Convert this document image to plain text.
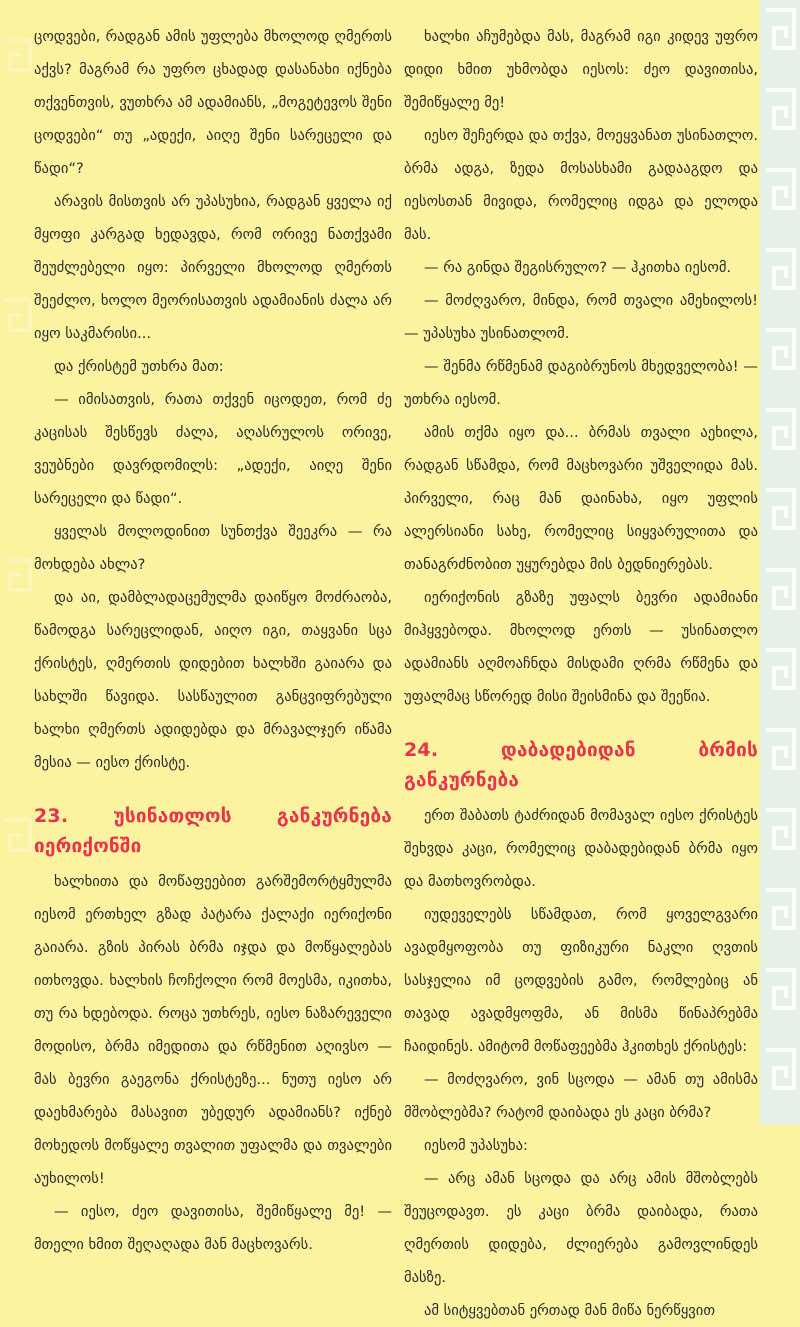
ცოდვები, რადგან ამის უფლება მხოლოდ ღმერთს აქვს? მაგრამ რა უფრო ცხადად დასანახი იქნება თქვენთვის, ვუთხრა ამ ადამიანს, „მოგეტევოს შენი ცოდვები“ თუ „ადექი, აიღე შენი სარეცელი და წადი“?

არავის მისთვის არ უპასუხია, რადგან ყველა იქ მყოფი კარგად ხედავდა, რომ ორივე ნათქვამი შეუძლებელი იყო: პირველი მხოლოდ ღმერთს შეეძლო, ხოლო მეორისათვის ადამიანის ძალა არ იყო საკმარისი...

და ქრისტემ უთხრა მათ:

— იმისათვის, რათა თქვენ იცოდეთ, რომ ძე კაცისას შესწევს ძალა, აღასრულოს ორივე, ვეუბნები დავრდომილს: „ადექი, აიღე შენი სარეცელი და წადი“.

ყველას მოლოდინით სუნთქვა შეეკრა — რა მოხდება ახლა?

და აი, დამბლადაცემულმა დაიწყო მოძრაობა, წამოდგა სარეცლიდან, აიღო იგი, თაყვანი სცა ქრისტეს, ღმერთის დიდებით ხალხში გაიარა და სახლში წავიდა. სასწაულით განცვიფრებული ხალხი ღმერთს ადიდებდა და მრავალჯერ იწამა მესია — იესო ქრისტე.

23. უსინათლოს განკურნება იერიქონში

ხალხითა და მოწაფეებით გარშემორტყმულმა იესომ ერთხელ გზად პატარა ქალაქი იერიქონი გაიარა. გზის პირას ბრმა იჯდა და მოწყალებას ითხოვდა. ხალხის ჩოჩქოლი რომ მოესმა, იკითხა, თუ რა ხდებოდა. როცა უთხრეს, იესო ნაზარეველი მოდისო, ბრმა იმედითა და რწმენით აღივსო — მას ბევრი გაეგონა ქრისტეზე... ნუთუ იესო არ დაეხმარება მასავით უბედურ ადამიანს? იქნებ მოხედოს მოწყალე თვალით უფალმა და თვალები აუხილოს!

— იესო, ძეო დავითისა, შემიწყალე მე! — მთელი ხმით შეღაღადა მან მაცხოვარს.

ხალხი აჩუმებდა მას, მაგრამ იგი კიდევ უფრო დიდი ხმით უხმობდა იესოს: ძეო დავითისა, შემიწყალე მე!

იესო შეჩერდა და თქვა, მოეყვანათ უსინათლო. ბრმა ადგა, ზედა მოსასხამი გადააგდო და იესოსთან მივიდა, რომელიც იდგა და ელოდა მას.

— რა გინდა შეგისრულო? — ჰკითხა იესომ.

— მოძღვარო, მინდა, რომ თვალი ამეხილოს! — უპასუხა უსინათლომ.

— შენმა რწმენამ დაგიბრუნოს მხედველობა! — უთხრა იესომ.

ამის თქმა იყო და... ბრმას თვალი აეხილა, რადგან სწამდა, რომ მაცხოვარი უშველიდა მას. პირველი, რაც მან დაინახა, იყო უფლის ალერსიანი სახე, რომელიც სიყვარულითა და თანაგრძნობით უყურებდა მის ბედნიერებას.

იერიქონის გზაზე უფალს ბევრი ადამიანი მიჰყვებოდა. მხოლოდ ერთს — უსინათლო ადამიანს აღმოაჩნდა მისდამი ღრმა რწმენა და უფალმაც სწორედ მისი შეისმინა და შეეწია.

24. დაბადებიდან ბრმის განკურნება

ერთ შაბათს ტაძრიდან მომავალ იესო ქრისტეს შეხვდა კაცი, რომელიც დაბადებიდან ბრმა იყო და მათხოვრობდა.

იუდეველებს სწამდათ, რომ ყოველგვარი ავადმყოფობა თუ ფიზიკური ნაკლი ღვთის სასჯელია იმ ცოდვების გამო, რომლებიც ან თავად ავადმყოფმა, ან მისმა წინაპრებმა ჩაიდინეს. ამიტომ მოწაფეებმა ჰკითხეს ქრისტეს:

— მოძღვარო, ვინ სცოდა — ამან თუ ამისმა მშობლებმა? რატომ დაიბადა ეს კაცი ბრმა?

იესომ უპასუხა:

— არც ამან სცოდა და არც ამის მშობლებს შეუცოდავთ. ეს კაცი ბრმა დაიბადა, რათა ღმერთის დიდება, ძლიერება გამოვლინდეს მასზე.

ამ სიტყვებთან ერთად მან მიწა ნერწყვით
